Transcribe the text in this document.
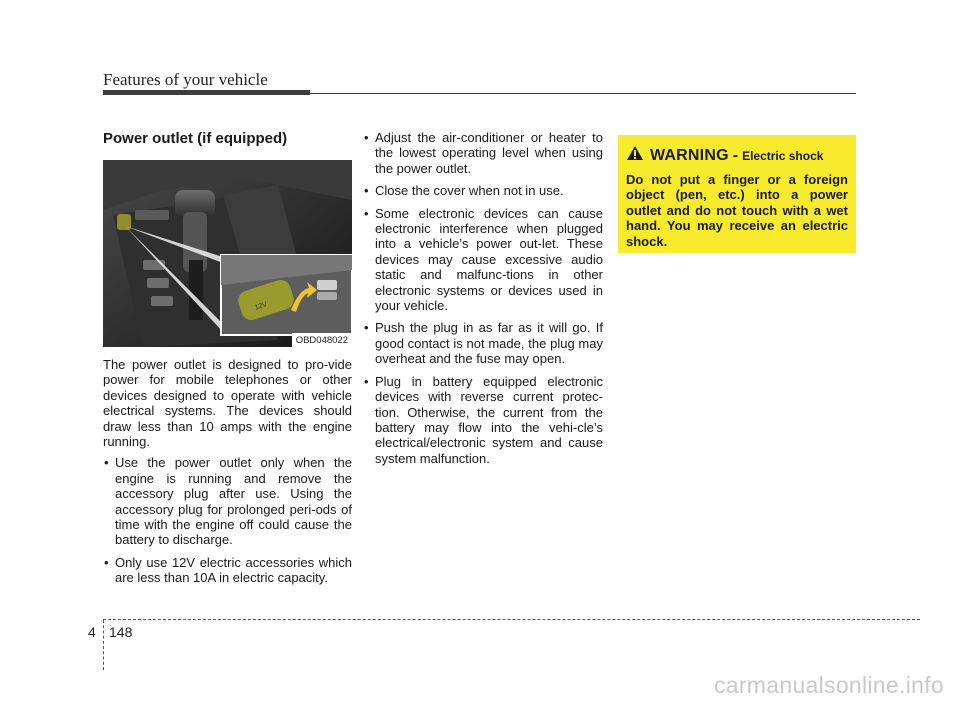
Features of your vehicle
Power outlet (if equipped)
12V
OBD048022

The power outlet is designed to pro-vide power for mobile telephones or other devices designed to operate with vehicle electrical systems. The devices should draw less than 10 amps with the engine running.

• Use the power outlet only when the engine is running and remove the accessory plug after use. Using the accessory plug for prolonged peri-ods of time with the engine off could cause the battery to discharge.
• Only use 12V electric accessories which are less than 10A in electric capacity.
• Adjust the air-conditioner or heater to the lowest operating level when using the power outlet.
• Close the cover when not in use.
• Some electronic devices can cause electronic interference when plugged into a vehicle’s power out-let. These devices may cause excessive audio static and malfunc-tions in other electronic systems or devices used in your vehicle.
• Push the plug in as far as it will go. If good contact is not made, the plug may overheat and the fuse may open.
• Plug in battery equipped electronic devices with reverse current protec-tion. Otherwise, the current from the battery may flow into the vehi-cle’s electrical/electronic system and cause system malfunction.
WARNING - Electric shock

Do not put a finger or a foreign object (pen, etc.) into a power outlet and do not touch with a wet hand. You may receive an electric shock.

4 148
carmanualsonline.info
